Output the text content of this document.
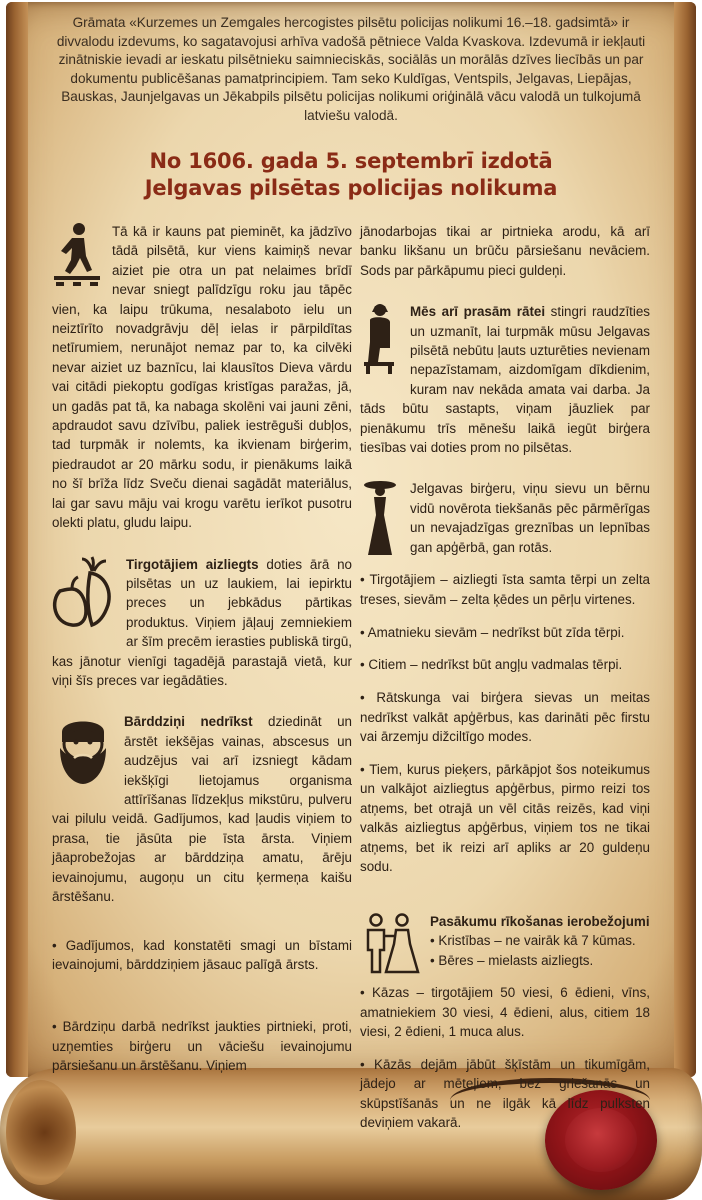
Grāmata «Kurzemes un Zemgales hercogistes pilsētu policijas nolikumi 16.–18. gadsimtā» ir divvalodu izdevums, ko sagatavojusi arhīva vadošā pētniece Valda Kvaskova. Izdevumā ir iekļauti zinātniskie ievadi ar ieskatu pilsētnieku saimnieciskās, sociālās un morālās dzīves liecībās un par dokumentu publicēšanas pamatprincipiem. Tam seko Kuldīgas, Ventspils, Jelgavas, Liepājas, Bauskas, Jaunjelgavas un Jēkabpils pilsētu policijas nolikumi oriģinālā vācu valodā un tulkojumā latviešu valodā.
No 1606. gada 5. septembrī izdotā
Jelgavas pilsētas policijas nolikuma

Tā kā ir kauns pat pieminēt, ka jādzīvo tādā pilsētā, kur viens kaimiņš nevar aiziet pie otra un pat nelaimes brīdī nevar sniegt palīdzīgu roku jau tāpēc vien, ka laipu trūkuma, nesalaboto ielu un neiztīrīto novadgrāvju dēļ ielas ir pārpildītas netīrumiem, nerunājot nemaz par to, ka cilvēki nevar aiziet uz baznīcu, lai klausītos Dieva vārdu vai citādi piekoptu godīgas kristīgas paražas, jā, un gadās pat tā, ka nabaga skolēni vai jauni zēni, apdraudot savu dzīvību, paliek iestrēguši dubļos, tad turpmāk ir nolemts, ka ikvienam birģerim, piedraudot ar 20 mārku sodu, ir pienākums laikā no šī brīža līdz Sveču dienai sagādāt materiālus, lai gar savu māju vai krogu varētu ierīkot pusotru olekti platu, gludu laipu.

Tirgotājiem aizliegts doties ārā no pilsētas un uz laukiem, lai iepirktu preces un jebkādus pārtikas produktus. Viņiem jāļauj zemniekiem ar šīm precēm ierasties publiskā tirgū, kas jānotur vienīgi tagadējā parastajā vietā, kur viņi šīs preces var iegādāties.

Bārddziņi nedrīkst dziedināt un ārstēt iekšējas vainas, abscesus un audzējus vai arī izsniegt kādam iekšķīgi lietojamus organisma attīrīšanas līdzekļus mikstūru, pulveru vai pilulu veidā. Gadījumos, kad ļaudis viņiem to prasa, tie jāsūta pie īsta ārsta. Viņiem jāaprobežojas ar bārddziņa amatu, ārēju ievainojumu, augoņu un citu ķermeņa kaišu ārstēšanu.

• Gadījumos, kad konstatēti smagi un bīstami ievainojumi, bārddziņiem jāsauc palīgā ārsts.

• Bārdziņu darbā nedrīkst jaukties pirtnieki, proti, uzņemties birģeru un vāciešu ievainojumu pārsiešanu un ārstēšanu. Viņiem

jānodarbojas tikai ar pirtnieka arodu, kā arī banku likšanu un brūču pārsiešanu nevāciem. Sods par pārkāpumu pieci guldeņi.

Mēs arī prasām rātei stingri raudzīties un uzmanīt, lai turpmāk mūsu Jelgavas pilsētā nebūtu ļauts uzturēties nevienam nepazīstamam, aizdomīgam dīkdienim, kuram nav nekāda amata vai darba. Ja tāds būtu sastapts, viņam jāuzliek par pienākumu trīs mēnešu laikā iegūt birģera tiesības vai doties prom no pilsētas.

Jelgavas birģeru, viņu sievu un bērnu vidū novērota tiekšanās pēc pārmērīgas un nevajadzīgas greznības un lepnības gan apģērbā, gan rotās.

• Tirgotājiem – aizliegti īsta samta tērpi un zelta treses, sievām – zelta ķēdes un pērļu virtenes.

• Amatnieku sievām – nedrīkst būt zīda tērpi.

• Citiem – nedrīkst būt angļu vadmalas tērpi.

• Rātskunga vai birģera sievas un meitas nedrīkst valkāt apģērbus, kas darināti pēc firstu vai ārzemju dižciltīgo modes.

• Tiem, kurus pieķers, pārkāpjot šos noteikumus un valkājot aizliegtus apģērbus, pirmo reizi tos atņems, bet otrajā un vēl citās reizēs, kad viņi valkās aizliegtus apģērbus, viņiem tos ne tikai atņems, bet ik reizi arī apliks ar 20 guldeņu sodu.

Pasākumu rīkošanas ierobežojumi
• Kristības – ne vairāk kā 7 kūmas.
• Bēres – mielasts aizliegts.

• Kāzas – tirgotājiem 50 viesi, 6 ēdieni, vīns, amatniekiem 30 viesi, 4 ēdieni, alus, citiem 18 viesi, 2 ēdieni, 1 muca alus.

• Kāzās dejām jābūt šķīstām un tikumīgām, jādejo ar mēteļiem, bez griešanās un skūpstīšanās un ne ilgāk kā līdz pulksten deviņiem vakarā.
